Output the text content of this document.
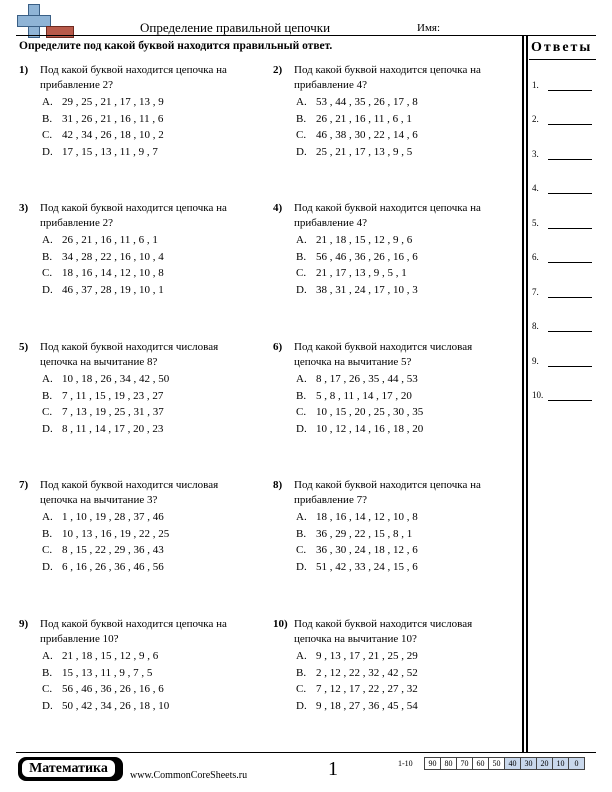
Определение правильной цепочки	Имя:
Определите под какой буквой находится правильный ответ.	Ответы
1.
2.
3.
4.
5.
6.
7.
8.
9.
10.
1) Под какой буквой находится цепочка на прибавление 2?
A. 29 , 25 , 21 , 17 , 13 , 9
B. 31 , 26 , 21 , 16 , 11 , 6
C. 42 , 34 , 26 , 18 , 10 , 2
D. 17 , 15 , 13 , 11 , 9 , 7
2) Под какой буквой находится цепочка на прибавление 4?
A. 53 , 44 , 35 , 26 , 17 , 8
B. 26 , 21 , 16 , 11 , 6 , 1
C. 46 , 38 , 30 , 22 , 14 , 6
D. 25 , 21 , 17 , 13 , 9 , 5
3) Под какой буквой находится цепочка на прибавление 2?
A. 26 , 21 , 16 , 11 , 6 , 1
B. 34 , 28 , 22 , 16 , 10 , 4
C. 18 , 16 , 14 , 12 , 10 , 8
D. 46 , 37 , 28 , 19 , 10 , 1
4) Под какой буквой находится цепочка на прибавление 4?
A. 21 , 18 , 15 , 12 , 9 , 6
B. 56 , 46 , 36 , 26 , 16 , 6
C. 21 , 17 , 13 , 9 , 5 , 1
D. 38 , 31 , 24 , 17 , 10 , 3
5) Под какой буквой находится числовая цепочка на вычитание 8?
A. 10 , 18 , 26 , 34 , 42 , 50
B. 7 , 11 , 15 , 19 , 23 , 27
C. 7 , 13 , 19 , 25 , 31 , 37
D. 8 , 11 , 14 , 17 , 20 , 23
6) Под какой буквой находится числовая цепочка на вычитание 5?
A. 8 , 17 , 26 , 35 , 44 , 53
B. 5 , 8 , 11 , 14 , 17 , 20
C. 10 , 15 , 20 , 25 , 30 , 35
D. 10 , 12 , 14 , 16 , 18 , 20
7) Под какой буквой находится числовая цепочка на вычитание 3?
A. 1 , 10 , 19 , 28 , 37 , 46
B. 10 , 13 , 16 , 19 , 22 , 25
C. 8 , 15 , 22 , 29 , 36 , 43
D. 6 , 16 , 26 , 36 , 46 , 56
8) Под какой буквой находится цепочка на прибавление 7?
A. 18 , 16 , 14 , 12 , 10 , 8
B. 36 , 29 , 22 , 15 , 8 , 1
C. 36 , 30 , 24 , 18 , 12 , 6
D. 51 , 42 , 33 , 24 , 15 , 6
9) Под какой буквой находится цепочка на прибавление 10?
A. 21 , 18 , 15 , 12 , 9 , 6
B. 15 , 13 , 11 , 9 , 7 , 5
C. 56 , 46 , 36 , 26 , 16 , 6
D. 50 , 42 , 34 , 26 , 18 , 10
10) Под какой буквой находится числовая цепочка на вычитание 10?
A. 9 , 13 , 17 , 21 , 25 , 29
B. 2 , 12 , 22 , 32 , 42 , 52
C. 7 , 12 , 17 , 22 , 27 , 32
D. 9 , 18 , 27 , 36 , 45 , 54
Математика	www.CommonCoreSheets.ru	1	1-10	90	80	70	60	50	40	30	20	10	0
